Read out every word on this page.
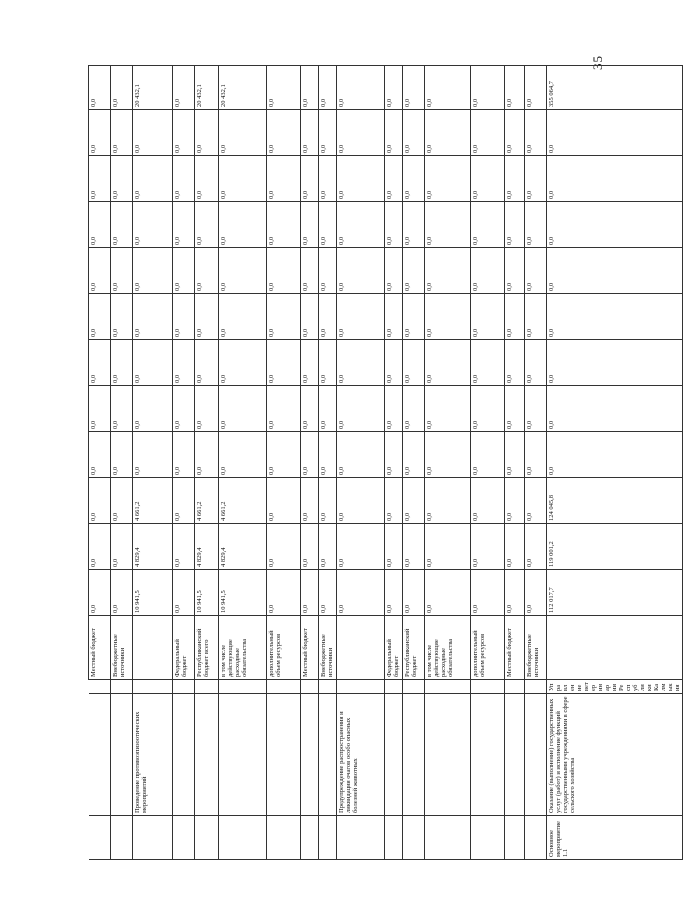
35
			Местный бюджет	0,0	0,0	0,0	0,0	0,0	0,0	0,0	0,0	0,0	0,0	0,0	0,0
			Внебюджетные источники	0,0	0,0	0,0	0,0	0,0	0,0	0,0	0,0	0,0	0,0	0,0	0,0
	Проведение противоэпизоотических мероприятий			10 941,5	4 829,4	4 661,2	0,0	0,0	0,0	0,0	0,0	0,0	0,0	0,0	20 432,1
			Федеральный бюджет	0,0	0,0	0,0	0,0	0,0	0,0	0,0	0,0	0,0	0,0	0,0	0,0
			Республиканский бюджет всего	10 941,5	4 829,4	4 661,2	0,0	0,0	0,0	0,0	0,0	0,0	0,0	0,0	20 432,1
			в том числе действующие расходные обязательства	10 941,5	4 829,4	4 661,2	0,0	0,0	0,0	0,0	0,0	0,0	0,0	0,0	20 432,1
			дополнительный объем ресурсов	0,0	0,0	0,0	0,0	0,0	0,0	0,0	0,0	0,0	0,0	0,0	0,0
			Местный бюджет	0,0	0,0	0,0	0,0	0,0	0,0	0,0	0,0	0,0	0,0	0,0	0,0
			Внебюджетные источники	0,0	0,0	0,0	0,0	0,0	0,0	0,0	0,0	0,0	0,0	0,0	0,0
	Предупреждение распространения и ликвидация очагов особо опасных болезней животных			0,0	0,0	0,0	0,0	0,0	0,0	0,0	0,0	0,0	0,0	0,0	0,0
			Федеральный бюджет	0,0	0,0	0,0	0,0	0,0	0,0	0,0	0,0	0,0	0,0	0,0	0,0
			Республиканский бюджет	0,0	0,0	0,0	0,0	0,0	0,0	0,0	0,0	0,0	0,0	0,0	0,0
			в том числе действующие расходные обязательства	0,0	0,0	0,0	0,0	0,0	0,0	0,0	0,0	0,0	0,0	0,0	0,0
			дополнительный объем ресурсов	0,0	0,0	0,0	0,0	0,0	0,0	0,0	0,0	0,0	0,0	0,0	0,0
			Местный бюджет	0,0	0,0	0,0	0,0	0,0	0,0	0,0	0,0	0,0	0,0	0,0	0,0
			Внебюджетные источники	0,0	0,0	0,0	0,0	0,0	0,0	0,0	0,0	0,0	0,0	0,0	0,0
Основное мероприятие 1.1	Оказание (выполнение) государственных услуг (работ) и исполнение функций государственными учреждениями в сфере сельского хозяйства	Управление ветеринарии Республики Калмыкия		112 017,7	119 001,2	124 045,8	0,0	0,0	0,0	0,0	0,0	0,0	0,0	0,0	355 064,7
